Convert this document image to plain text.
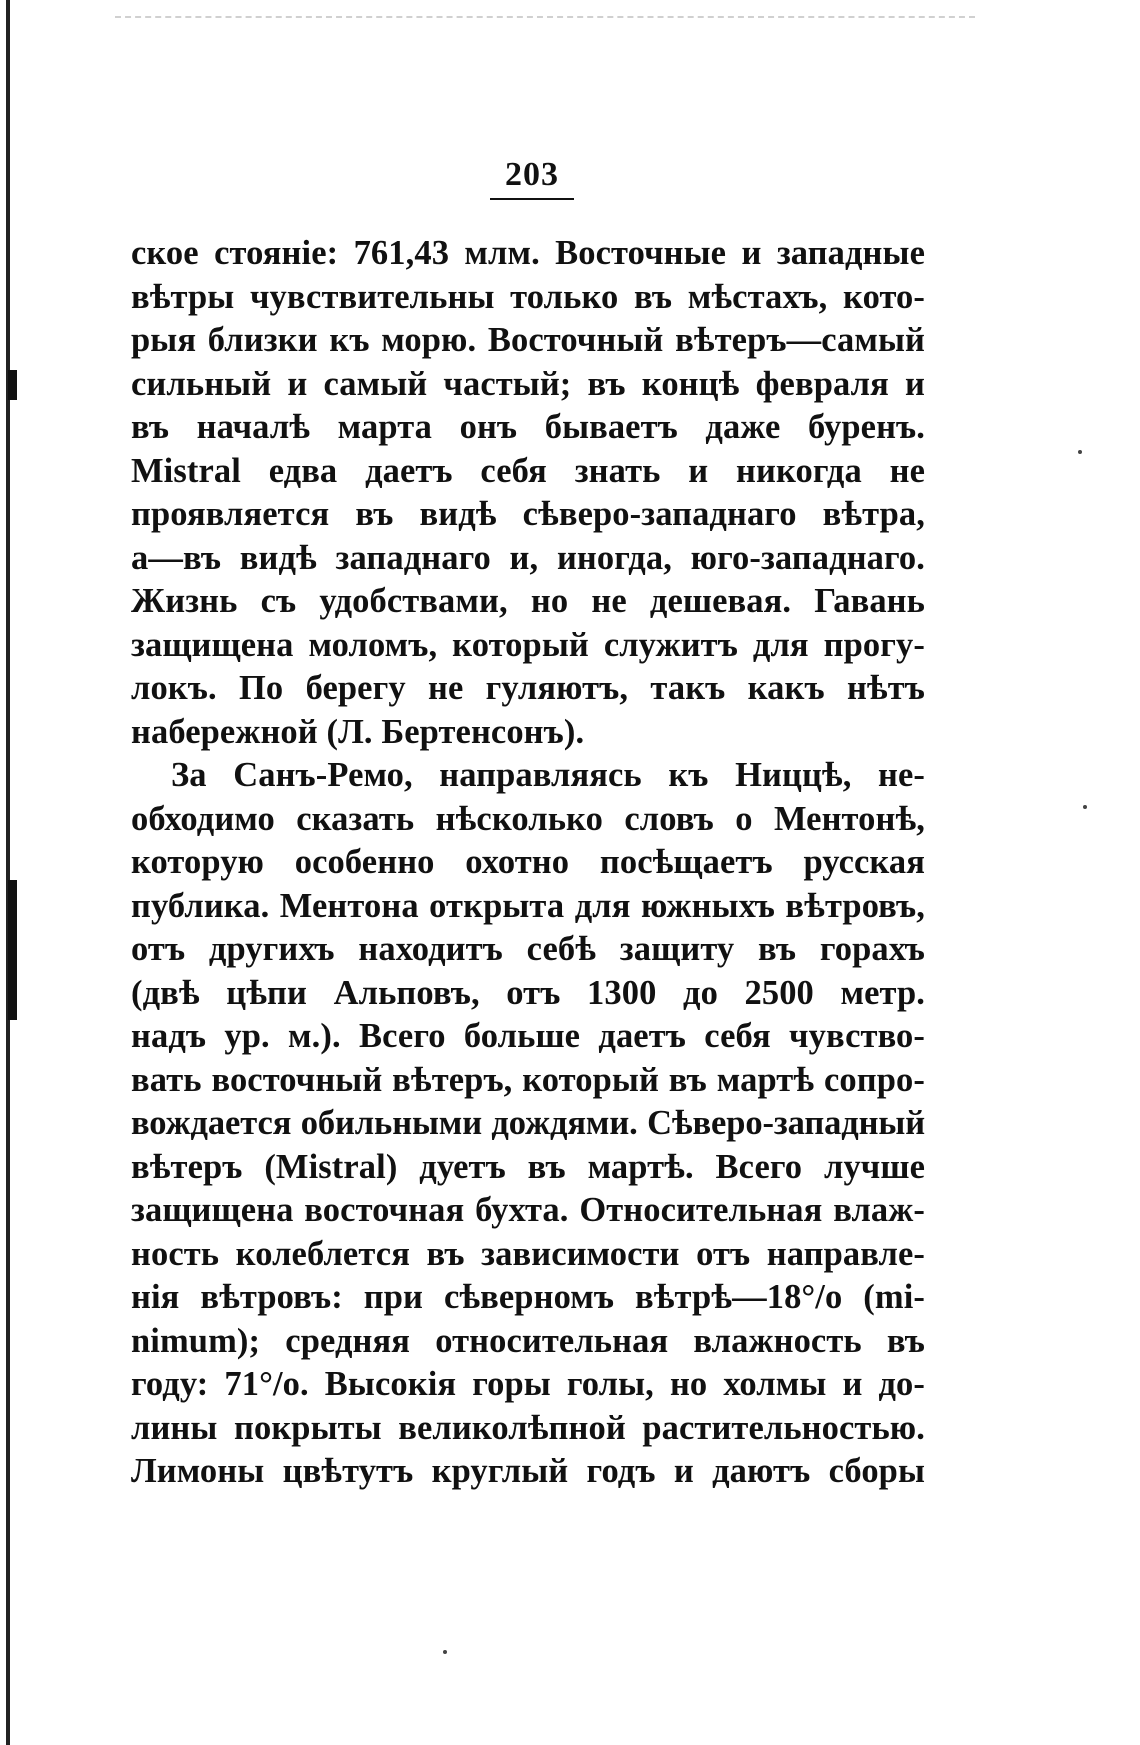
203
ское стояніе: 761,43 млм. Восточные и западные
вѣтры чувствительны только въ мѣстахъ, кото-
рыя близки къ морю. Восточный вѣтеръ—самый
сильный и самый частый; въ концѣ февраля и
въ началѣ марта онъ бываетъ даже буренъ.
Mistral едва даетъ себя знать и никогда не
проявляется въ видѣ сѣверо-западнаго вѣтра,
а—въ видѣ западнаго и, иногда, юго-западнаго.
Жизнь съ удобствами, но не дешевая. Гавань
защищена моломъ, который служитъ для прогу-
локъ. По берегу не гуляютъ, такъ какъ нѣтъ
набережной (Л. Бертенсонъ).
За Санъ-Ремо, направляясь къ Ниццѣ, не-
обходимо сказать нѣсколько словъ о Ментонѣ,
которую особенно охотно посѣщаетъ русская
публика. Ментона открыта для южныхъ вѣтровъ,
отъ другихъ находитъ себѣ защиту въ горахъ
(двѣ цѣпи Альповъ, отъ 1300 до 2500 метр.
надъ ур. м.). Всего больше даетъ себя чувство-
вать восточный вѣтеръ, который въ мартѣ сопро-
вождается обильными дождями. Сѣверо-западный
вѣтеръ (Mistral) дуетъ въ мартѣ. Всего лучше
защищена восточная бухта. Относительная влаж-
ность колеблется въ зависимости отъ направле-
нія вѣтровъ: при сѣверномъ вѣтрѣ—18°/о (mi-
nimum); средняя относительная влажность въ
году: 71°/о. Высокія горы голы, но холмы и до-
лины покрыты великолѣпной растительностью.
Лимоны цвѣтутъ круглый годъ и даютъ сборы
